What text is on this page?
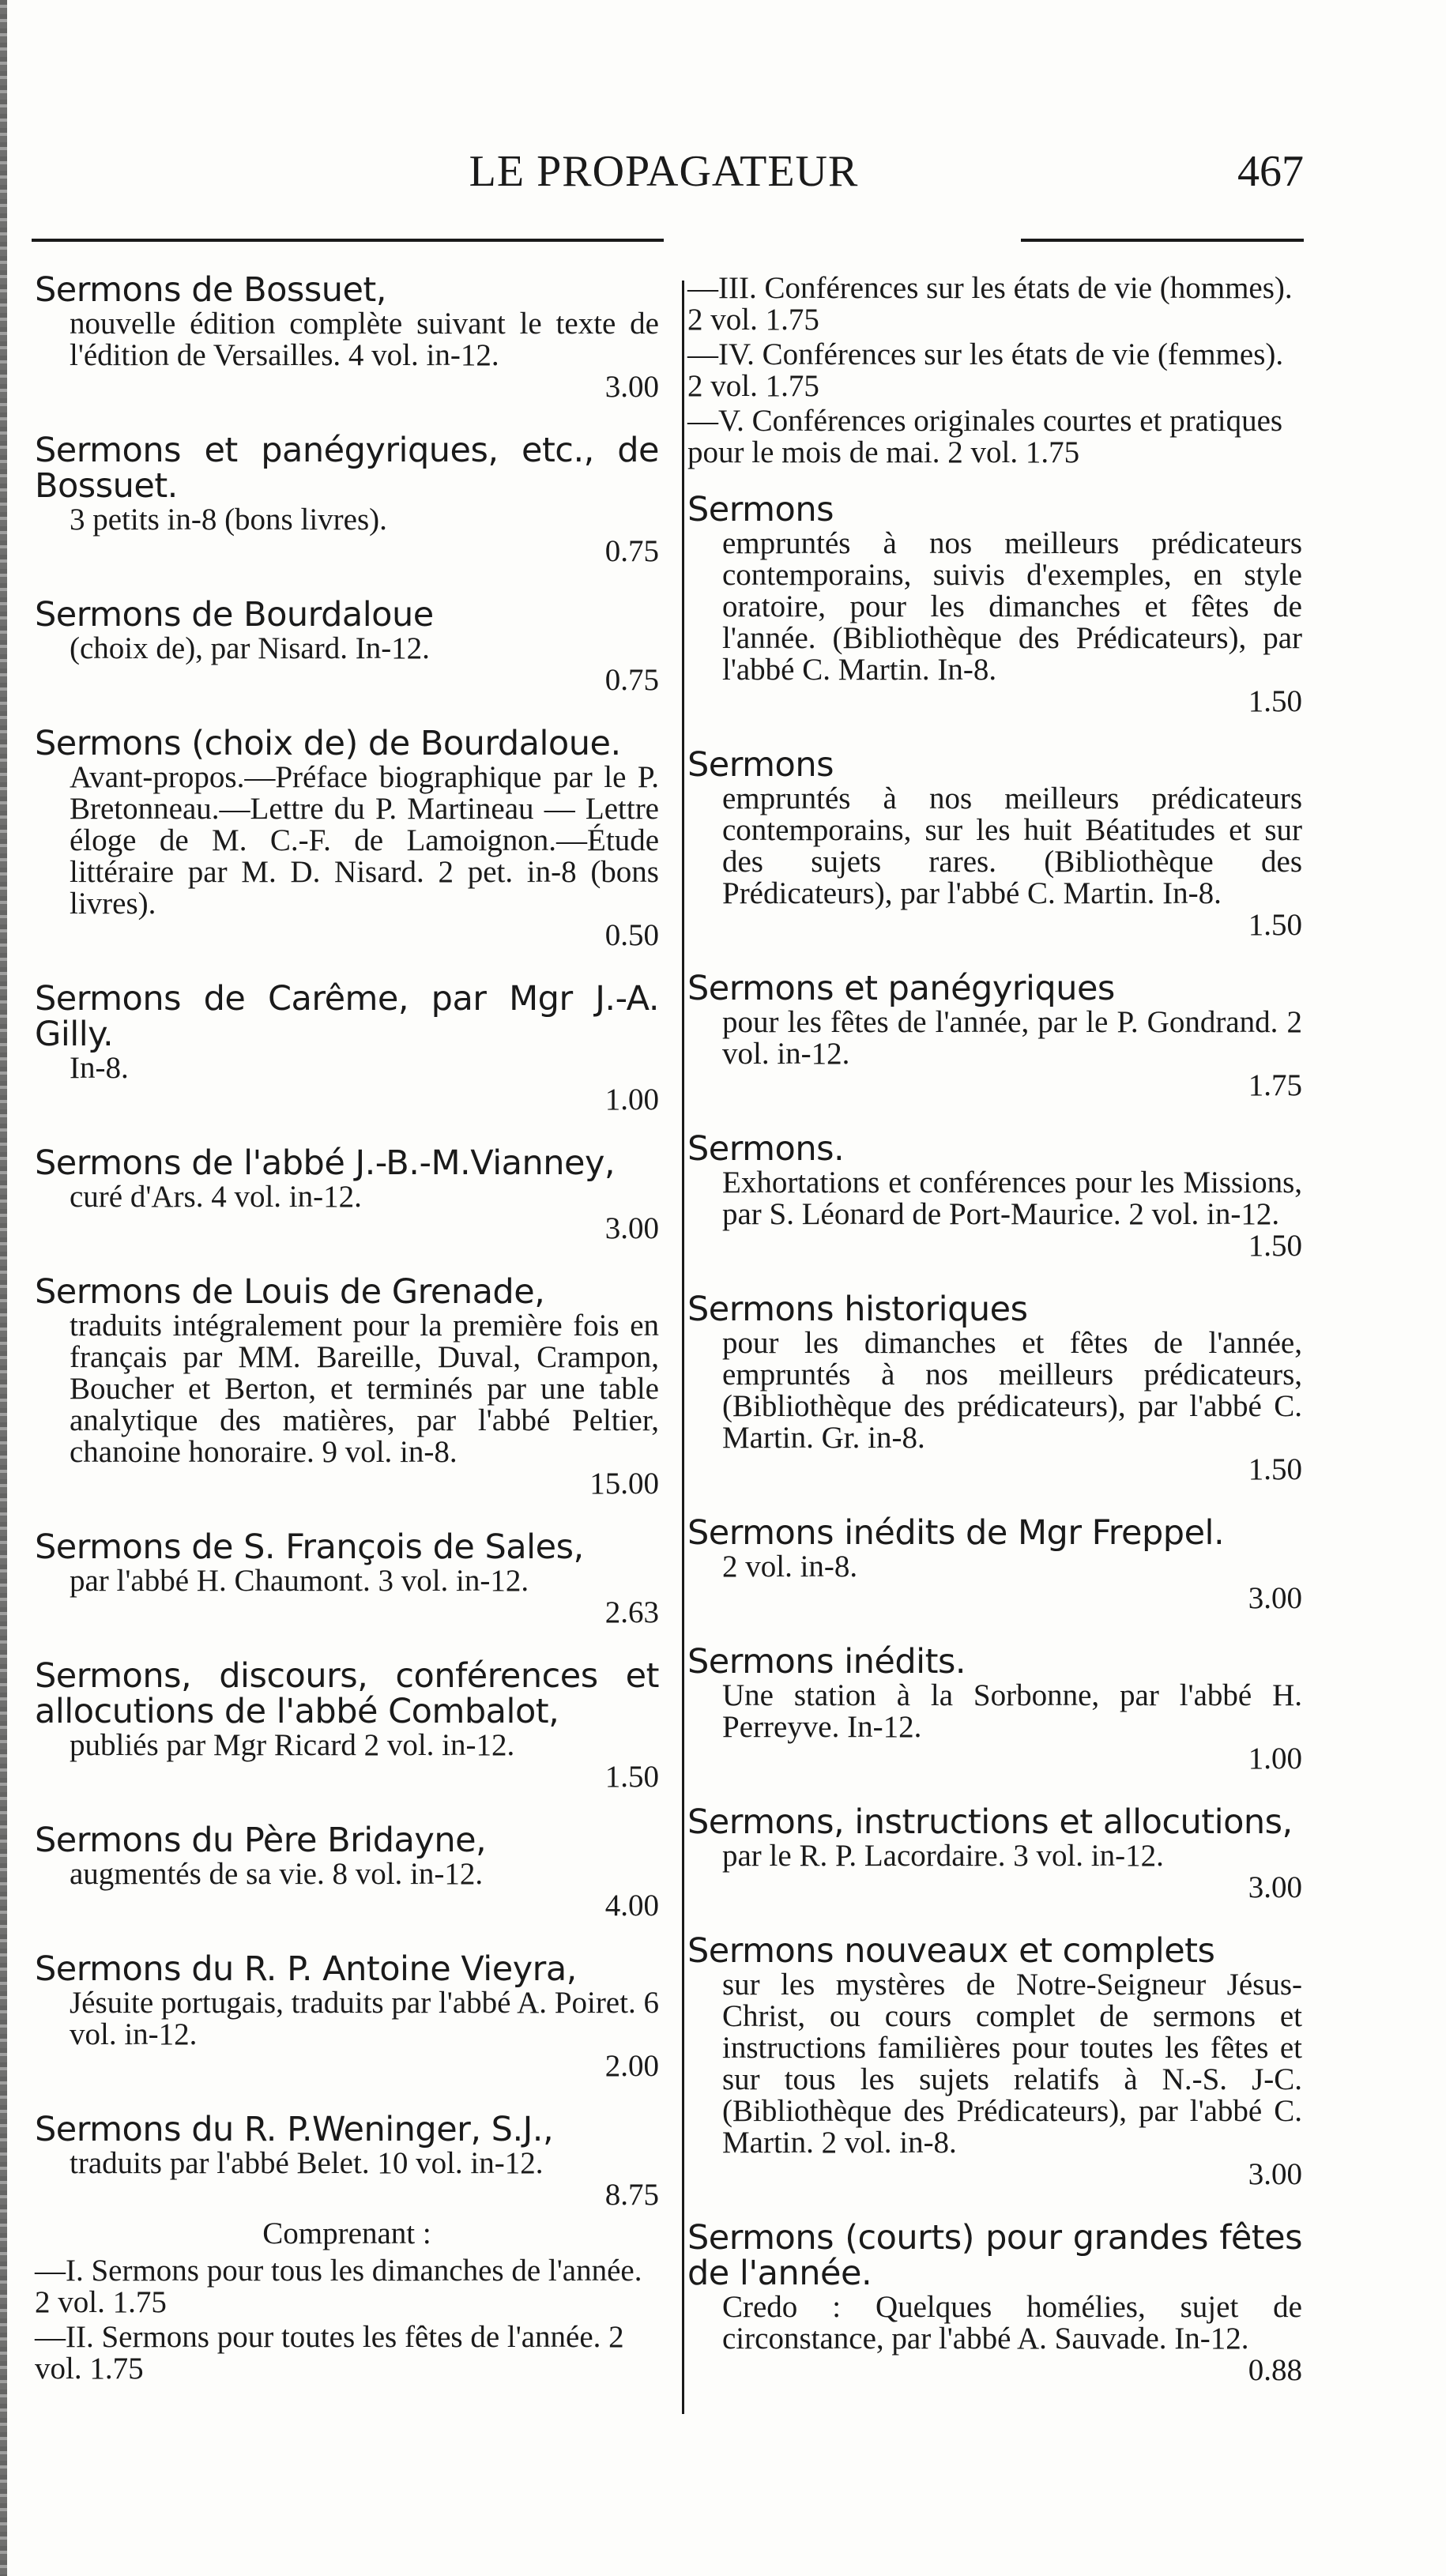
LE PROPAGATEUR	467
Sermons de Bossuet,
nouvelle édition complète suivant le texte de l'édition de Versailles. 4 vol. in-12.
3.00
Sermons et panégyriques, etc., de Bossuet.
3 petits in-8 (bons livres).
0.75
Sermons de Bourdaloue
(choix de), par Nisard. In-12.
0.75
Sermons (choix de) de Bourdaloue.
Avant-propos.—Préface biographique par le P. Bretonneau.—Lettre du P. Martineau — Lettre éloge de M. C.-F. de Lamoignon.—Étude littéraire par M. D. Nisard. 2 pet. in-8 (bons livres).
0.50
Sermons de Carême, par Mgr J.-A. Gilly.
In-8.
1.00
Sermons de l'abbé J.-B.-M.Vianney,
curé d'Ars. 4 vol. in-12.
3.00
Sermons de Louis de Grenade,
traduits intégralement pour la première fois en français par MM. Bareille, Duval, Crampon, Boucher et Berton, et terminés par une table analytique des matières, par l'abbé Peltier, chanoine honoraire. 9 vol. in-8.
15.00
Sermons de S. François de Sales,
par l'abbé H. Chaumont. 3 vol. in-12.
2.63
Sermons, discours, conférences et allocutions de l'abbé Combalot,
publiés par Mgr Ricard 2 vol. in-12.
1.50
Sermons du Père Bridayne,
augmentés de sa vie. 8 vol. in-12.
4.00
Sermons du R. P. Antoine Vieyra,
Jésuite portugais, traduits par l'abbé A. Poiret. 6 vol. in-12.
2.00
Sermons du R. P.Weninger, S.J.,
traduits par l'abbé Belet. 10 vol. in-12.
8.75
Comprenant :
—I. Sermons pour tous les dimanches de l'année. 2 vol. 1.75
—II. Sermons pour toutes les fêtes de l'année. 2 vol. 1.75
—III. Conférences sur les états de vie (hommes). 2 vol. 1.75
—IV. Conférences sur les états de vie (femmes). 2 vol. 1.75
—V. Conférences originales courtes et pratiques pour le mois de mai. 2 vol. 1.75
Sermons
empruntés à nos meilleurs prédicateurs contemporains, suivis d'exemples, en style oratoire, pour les dimanches et fêtes de l'année. (Bibliothèque des Prédicateurs), par l'abbé C. Martin. In-8.
1.50
Sermons
empruntés à nos meilleurs prédicateurs contemporains, sur les huit Béatitudes et sur des sujets rares. (Bibliothèque des Prédicateurs), par l'abbé C. Martin. In-8.
1.50
Sermons et panégyriques
pour les fêtes de l'année, par le P. Gondrand. 2 vol. in-12.
1.75
Sermons.
Exhortations et conférences pour les Missions, par S. Léonard de Port-Maurice. 2 vol. in-12.
1.50
Sermons historiques
pour les dimanches et fêtes de l'année, empruntés à nos meilleurs prédicateurs, (Bibliothèque des prédicateurs), par l'abbé C. Martin. Gr. in-8.
1.50
Sermons inédits de Mgr Freppel.
2 vol. in-8.
3.00
Sermons inédits.
Une station à la Sorbonne, par l'abbé H. Perreyve. In-12.
1.00
Sermons, instructions et allocutions,
par le R. P. Lacordaire. 3 vol. in-12.
3.00
Sermons nouveaux et complets
sur les mystères de Notre-Seigneur Jésus-Christ, ou cours complet de sermons et instructions familières pour toutes les fêtes et sur tous les sujets relatifs à N.-S. J-C. (Bibliothèque des Prédicateurs), par l'abbé C. Martin. 2 vol. in-8.
3.00
Sermons (courts) pour grandes fêtes de l'année.
Credo : Quelques homélies, sujet de circonstance, par l'abbé A. Sauvade. In-12.
0.88
